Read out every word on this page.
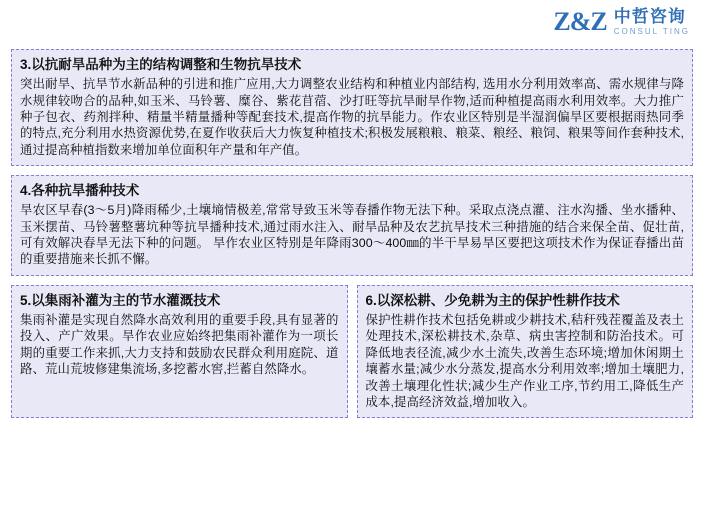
Z&Z 中哲咨询
CONSUL TING
3.以抗耐旱品种为主的结构调整和生物抗旱技术
突出耐旱、抗旱节水新品种的引进和推广应用,大力调整农业结构和种植业内部结构, 选用水分利用效率高、需水规律与降水规律较吻合的品种,如玉米、马铃薯、糜谷、紫花苜蓿、沙打旺等抗旱耐旱作物,适而种植提高雨水利用效率。大力推广种子包衣、药剂拌种、精量半精量播种等配套技术,提高作物的抗旱能力。作农业区特别是半湿润偏旱区要根据雨热同季的特点,充分利用水热资源优势,在夏作收获后大力恢复种植技术;积极发展粮粮、粮菜、粮经、粮饲、粮果等间作套种技术,通过提高种植指数来增加单位面积年产量和年产值。
4.各种抗旱播种技术
旱农区早春(3～5月)降雨稀少,土壤墒情极差,常常导致玉米等春播作物无法下种。采取点浇点灌、注水沟播、坐水播种、玉米摆苗、马铃薯整薯坑种等抗旱播种技术,通过雨水注入、耐旱品种及农艺抗旱技术三种措施的结合来保全苗、促壮苗,可有效解决春旱无法下种的问题。 旱作农业区特别是年降雨300～400㎜的半干旱易旱区要把这项技术作为保证春播出苗的重要措施来长抓不懈。
5.以集雨补灌为主的节水灌溉技术
集雨补灌是实现自然降水高效利用的重要手段,具有显著的投入、产广效果。旱作农业应始终把集雨补灌作为一项长期的重要工作来抓,大力支持和鼓励农民群众利用庭院、道路、荒山荒坡修建集流场,多挖蓄水窖,拦蓄自然降水。
6.以深松耕、少免耕为主的保护性耕作技术
保护性耕作技术包括免耕或少耕技术,秸秆残茬覆盖及表土处理技术,深松耕技术,杂草、病虫害控制和防治技术。可降低地表径流,减少水土流失,改善生态环境;增加休闲期土壤蓄水量;减少水分蒸发,提高水分利用效率;增加土壤肥力,改善土壤理化性状;减少生产作业工序,节约用工,降低生产成本,提高经济效益,增加收入。
